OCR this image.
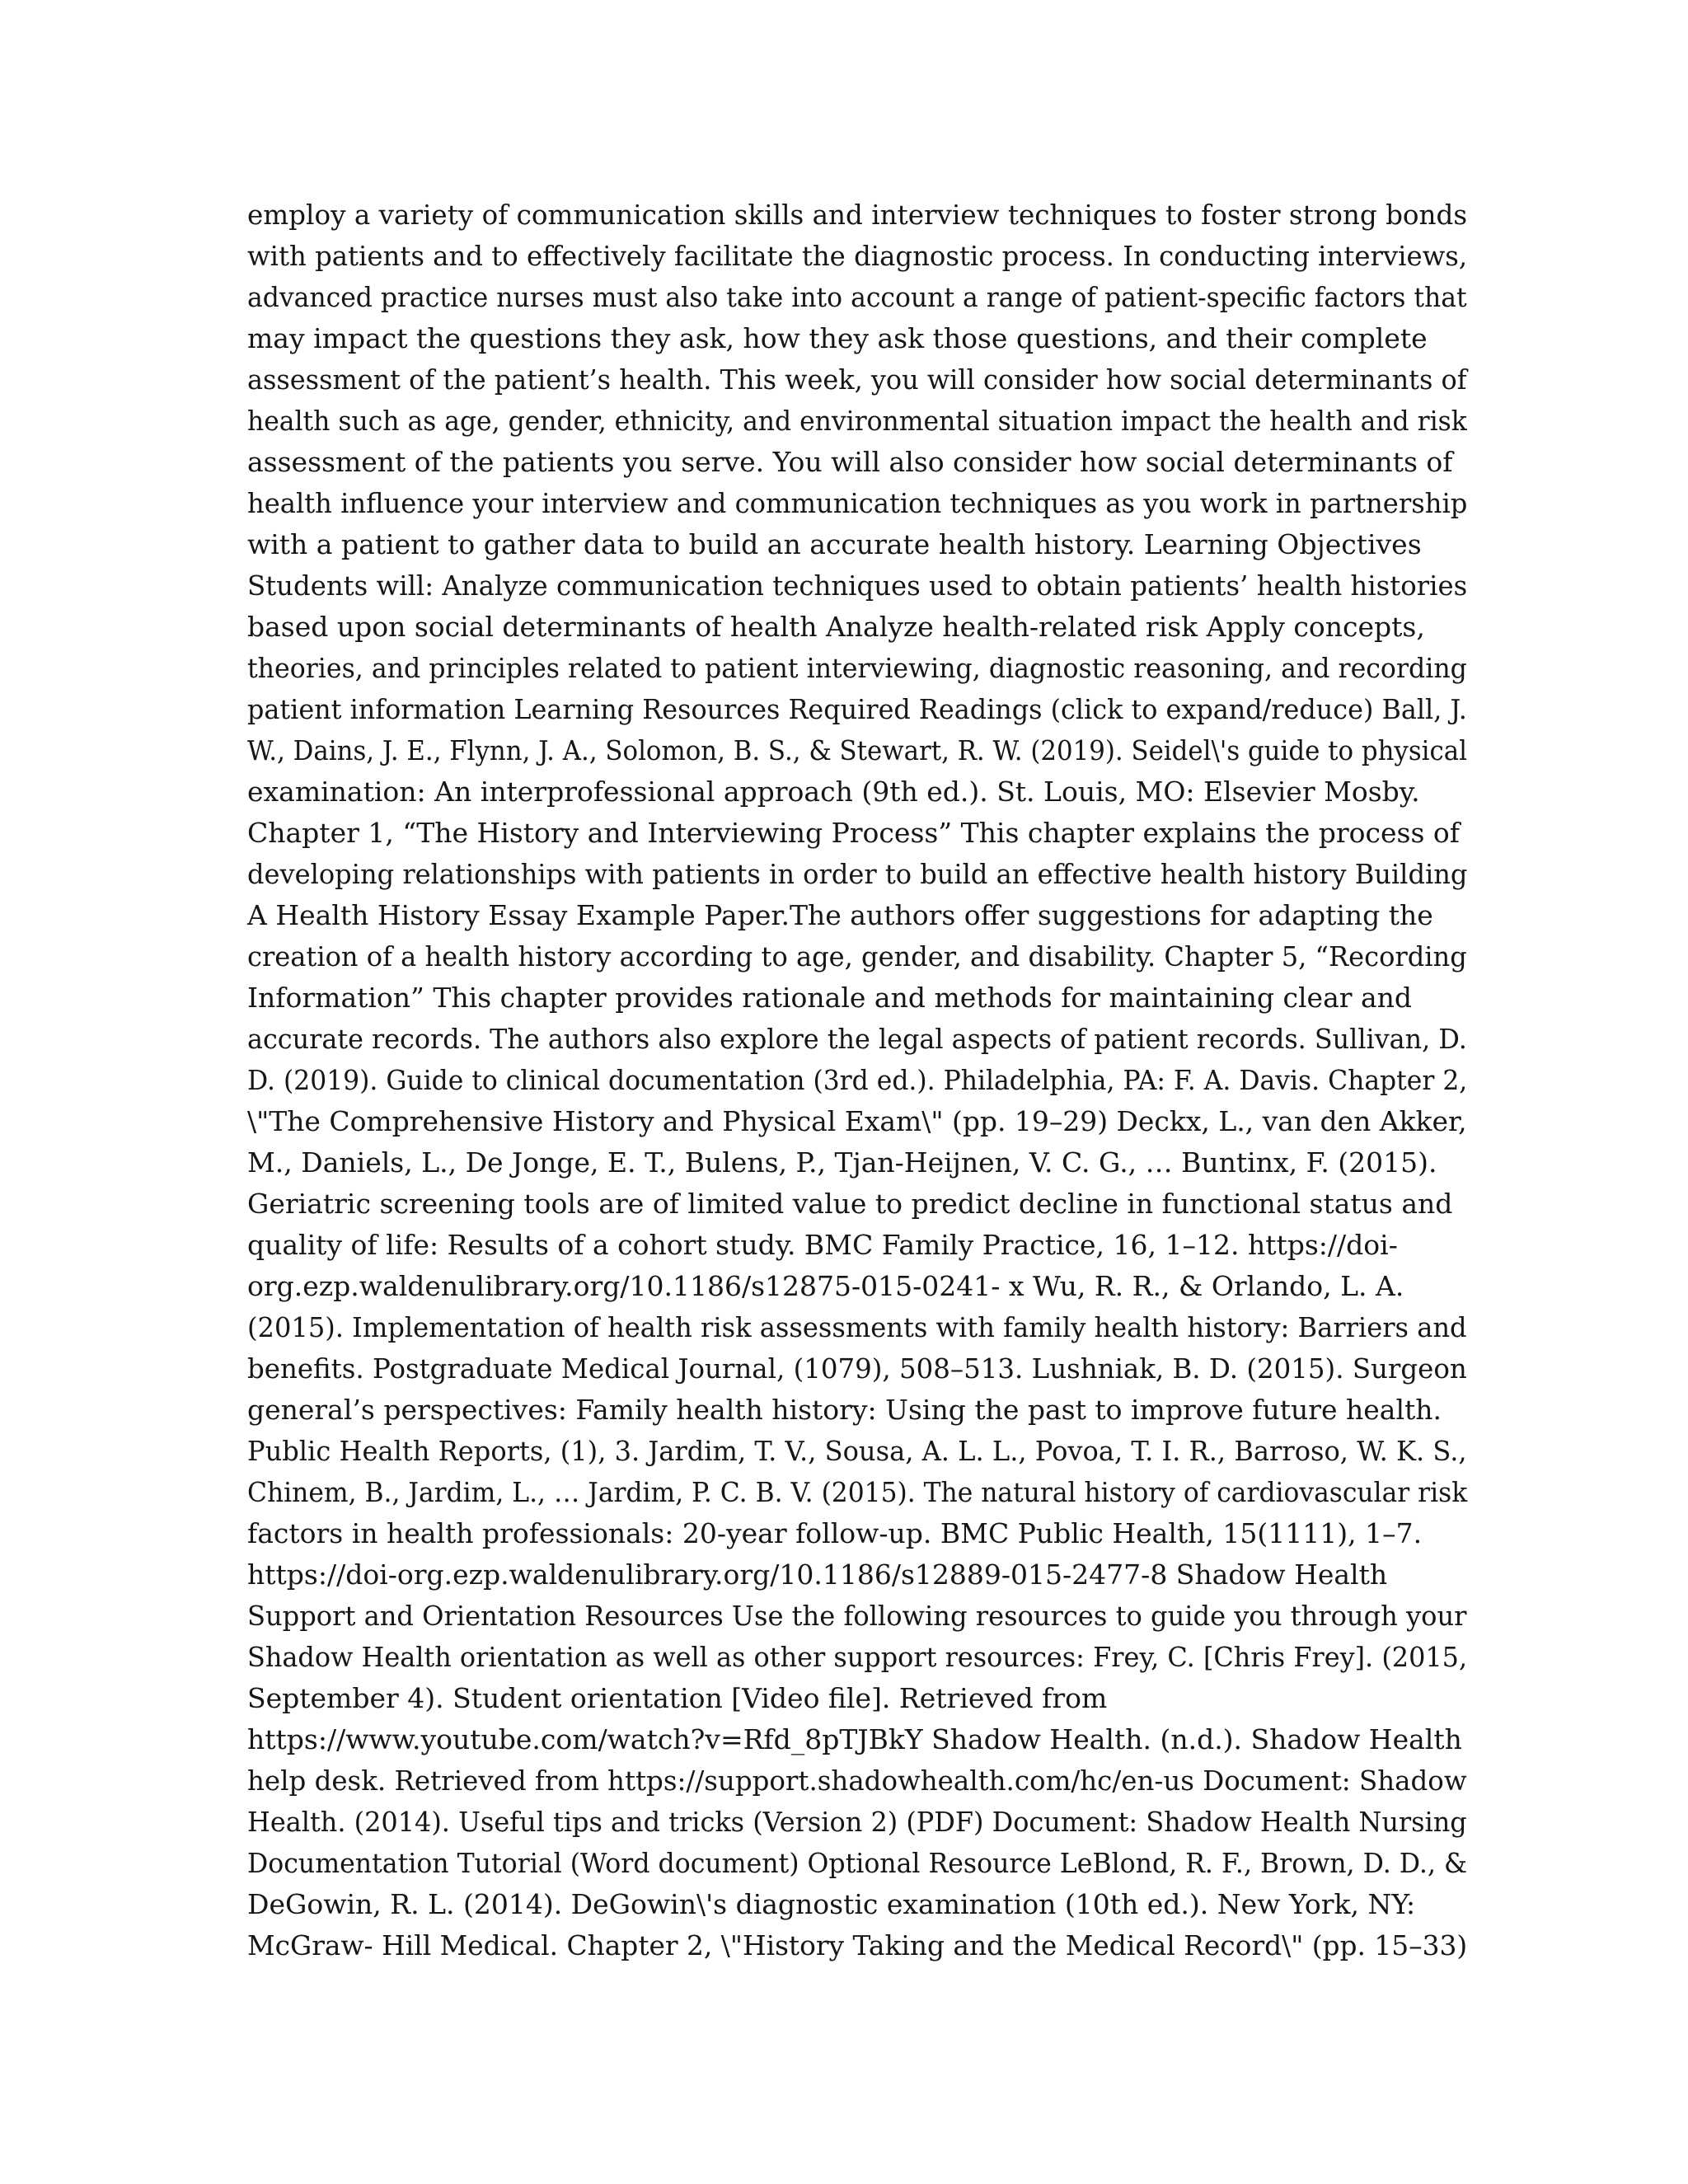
employ a variety of communication skills and interview techniques to foster strong bonds
with patients and to effectively facilitate the diagnostic process. In conducting interviews,
advanced practice nurses must also take into account a range of patient-specific factors that
may impact the questions they ask, how they ask those questions, and their complete
assessment of the patient’s health. This week, you will consider how social determinants of
health such as age, gender, ethnicity, and environmental situation impact the health and risk
assessment of the patients you serve. You will also consider how social determinants of
health influence your interview and communication techniques as you work in partnership
with a patient to gather data to build an accurate health history. Learning Objectives
Students will: Analyze communication techniques used to obtain patients’ health histories
based upon social determinants of health Analyze health-related risk Apply concepts,
theories, and principles related to patient interviewing, diagnostic reasoning, and recording
patient information Learning Resources Required Readings (click to expand/reduce) Ball, J.
W., Dains, J. E., Flynn, J. A., Solomon, B. S., & Stewart, R. W. (2019). Seidel\'s guide to physical
examination: An interprofessional approach (9th ed.). St. Louis, MO: Elsevier Mosby.
Chapter 1, “The History and Interviewing Process” This chapter explains the process of
developing relationships with patients in order to build an effective health history Building
A Health History Essay Example Paper.The authors offer suggestions for adapting the
creation of a health history according to age, gender, and disability. Chapter 5, “Recording
Information” This chapter provides rationale and methods for maintaining clear and
accurate records. The authors also explore the legal aspects of patient records. Sullivan, D.
D. (2019). Guide to clinical documentation (3rd ed.). Philadelphia, PA: F. A. Davis. Chapter 2,
\"The Comprehensive History and Physical Exam\" (pp. 19–29) Deckx, L., van den Akker,
M., Daniels, L., De Jonge, E. T., Bulens, P., Tjan-Heijnen, V. C. G., … Buntinx, F. (2015).
Geriatric screening tools are of limited value to predict decline in functional status and
quality of life: Results of a cohort study. BMC Family Practice, 16, 1–12. https://doi-
org.ezp.waldenulibrary.org/10.1186/s12875-015-0241- x Wu, R. R., & Orlando, L. A.
(2015). Implementation of health risk assessments with family health history: Barriers and
benefits. Postgraduate Medical Journal, (1079), 508–513. Lushniak, B. D. (2015). Surgeon
general’s perspectives: Family health history: Using the past to improve future health.
Public Health Reports, (1), 3. Jardim, T. V., Sousa, A. L. L., Povoa, T. I. R., Barroso, W. K. S.,
Chinem, B., Jardim, L., … Jardim, P. C. B. V. (2015). The natural history of cardiovascular risk
factors in health professionals: 20-year follow-up. BMC Public Health, 15(1111), 1–7.
https://doi-org.ezp.waldenulibrary.org/10.1186/s12889-015-2477-8 Shadow Health
Support and Orientation Resources Use the following resources to guide you through your
Shadow Health orientation as well as other support resources: Frey, C. [Chris Frey]. (2015,
September 4). Student orientation [Video file]. Retrieved from
https://www.youtube.com/watch?v=Rfd_8pTJBkY Shadow Health. (n.d.). Shadow Health
help desk. Retrieved from https://support.shadowhealth.com/hc/en-us Document: Shadow
Health. (2014). Useful tips and tricks (Version 2) (PDF) Document: Shadow Health Nursing
Documentation Tutorial (Word document) Optional Resource LeBlond, R. F., Brown, D. D., &
DeGowin, R. L. (2014). DeGowin\'s diagnostic examination (10th ed.). New York, NY:
McGraw- Hill Medical. Chapter 2, \"History Taking and the Medical Record\" (pp. 15–33)
